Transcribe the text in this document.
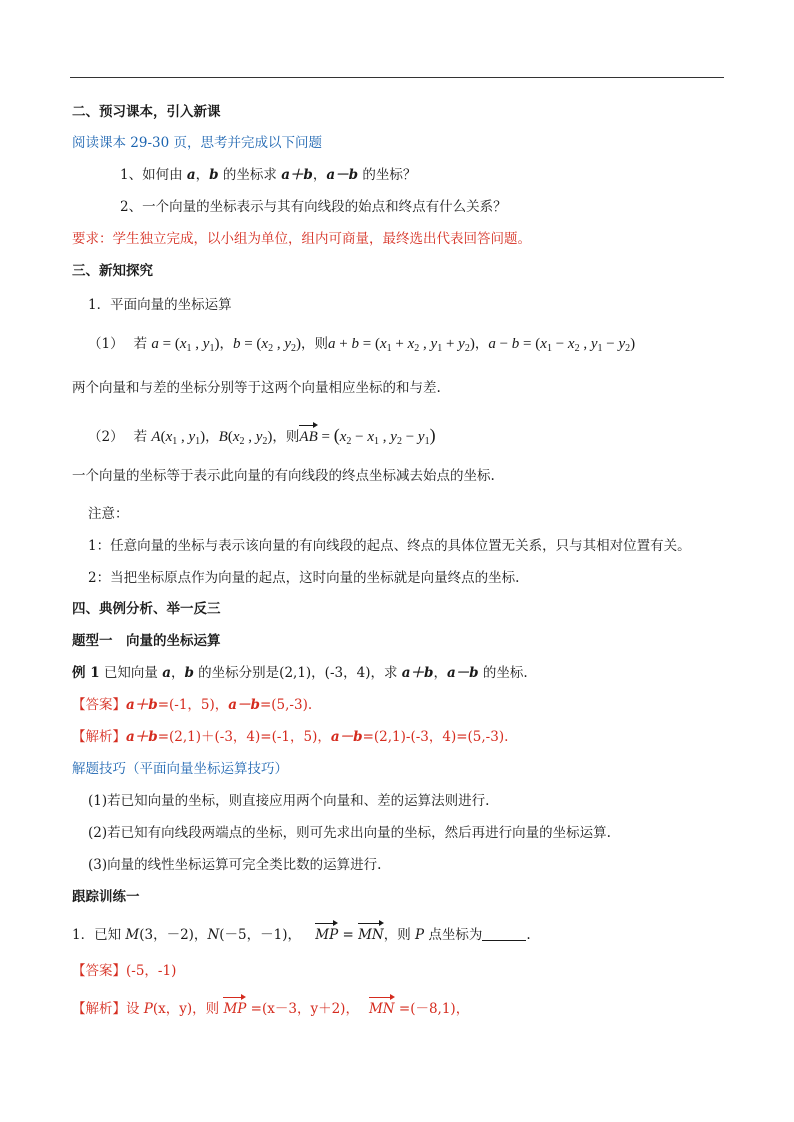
二、预习课本，引入新课
阅读课本 29-30 页，思考并完成以下问题
1、如何由 a，b 的坐标求 a＋b，a－b 的坐标？
2、一个向量的坐标表示与其有向线段的始点和终点有什么关系？
要求：学生独立完成，以小组为单位，组内可商量，最终选出代表回答问题。
三、新知探究
1．平面向量的坐标运算
（1） 若 $a = (x_1$ , $y_1$)，$b = (x_2$ , $y_2$)，则$a + b = (x_1 + x_2$ , $y_1 + y_2$)，$a - b = (x_1 - x_2$ , $y_1 - y_2$)
两个向量和与差的坐标分别等于这两个向量相应坐标的和与差.
（2） 若 $A(x_1$ , $y_1$)，$B(x_2$ , $y_2$)，则AB = ($x_2 - x_1$ , $y_2 - y_1$)
一个向量的坐标等于表示此向量的有向线段的终点坐标减去始点的坐标.
注意：
1：任意向量的坐标与表示该向量的有向线段的起点、终点的具体位置无关系，只与其相对位置有关。
2：当把坐标原点作为向量的起点，这时向量的坐标就是向量终点的坐标.
四、典例分析、举一反三
题型一　向量的坐标运算
例 1 已知向量 a，b 的坐标分别是(2,1)，(-3，4)，求 a＋b，a－b 的坐标.
【答案】a＋b=(-1，5)，a－b=(5,-3).
【解析】a＋b=(2,1)＋(-3，4)=(-1，5)，a－b=(2,1)-(-3，4)=(5,-3).
解题技巧（平面向量坐标运算技巧）
(1)若已知向量的坐标，则直接应用两个向量和、差的运算法则进行.
(2)若已知有向线段两端点的坐标，则可先求出向量的坐标，然后再进行向量的坐标运算.
(3)向量的线性坐标运算可完全类比数的运算进行.
跟踪训练一
1．已知 M(3，－2)，N(－5，－1)， MP = MN，则 P 点坐标为	.
【答案】(-5，-1)
【解析】设 P(x，y)，则 MP =(x－3，y＋2)， MN =(－8,1)，
